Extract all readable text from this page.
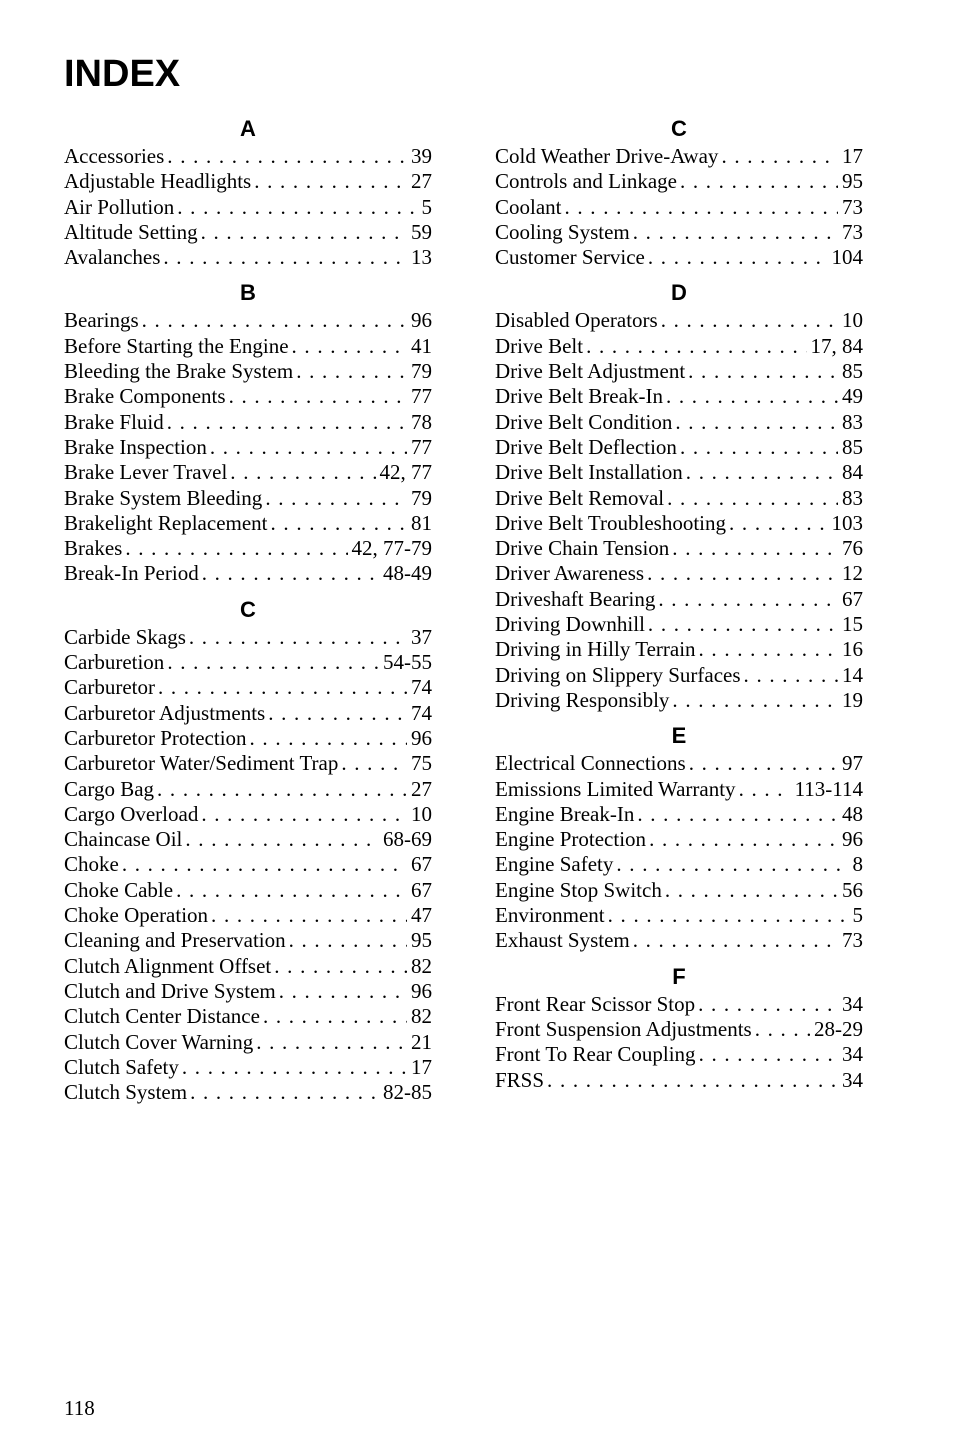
INDEX
A
Accessories . . .	39
Adjustable Headlights . . .	27
Air Pollution . . .	5
Altitude Setting . . .	59
Avalanches . . .	13
B
Bearings . . .	96
Before Starting the Engine . . .	41
Bleeding the Brake System . . .	79
Brake Components . . .	77
Brake Fluid . . .	78
Brake Inspection . . .	77
Brake Lever Travel . . .	42, 77
Brake System Bleeding . . .	79
Brakelight Replacement . . .	81
Brakes . . .	42, 77-79
Break-In Period . . .	48-49
C
Carbide Skags . . .	37
Carburetion . . .	54-55
Carburetor . . .	74
Carburetor Adjustments . . .	74
Carburetor Protection . . .	96
Carburetor Water/Sediment Trap . . .	75
Cargo Bag . . .	27
Cargo Overload . . .	10
Chaincase Oil . . .	68-69
Choke . . .	67
Choke Cable . . .	67
Choke Operation . . .	47
Cleaning and Preservation . . .	95
Clutch Alignment Offset . . .	82
Clutch and Drive System . . .	96
Clutch Center Distance . . .	82
Clutch Cover Warning . . .	21
Clutch Safety . . .	17
Clutch System . . .	82-85
C
Cold Weather Drive-Away . . .	17
Controls and Linkage . . .	95
Coolant . . .	73
Cooling System . . .	73
Customer Service . . .	104
D
Disabled Operators . . .	10
Drive Belt . . .	17, 84
Drive Belt Adjustment . . .	85
Drive Belt Break-In . . .	49
Drive Belt Condition . . .	83
Drive Belt Deflection . . .	85
Drive Belt Installation . . .	84
Drive Belt Removal . . .	83
Drive Belt Troubleshooting . . .	103
Drive Chain Tension . . .	76
Driver Awareness . . .	12
Driveshaft Bearing . . .	67
Driving Downhill . . .	15
Driving in Hilly Terrain . . .	16
Driving on Slippery Surfaces . . .	14
Driving Responsibly . . .	19
E
Electrical Connections . . .	97
Emissions Limited Warranty . . .	113-114
Engine Break-In . . .	48
Engine Protection . . .	96
Engine Safety . . .	8
Engine Stop Switch . . .	56
Environment . . .	5
Exhaust System . . .	73
F
Front Rear Scissor Stop . . .	34
Front Suspension Adjustments . . .	28-29
Front To Rear Coupling . . .	34
FRSS . . .	34

118
